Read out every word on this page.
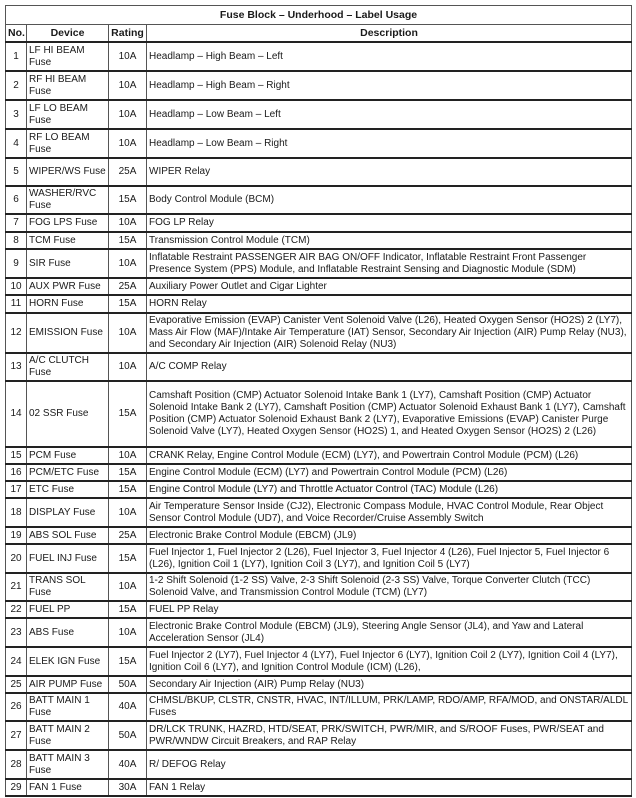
Fuse Block – Underhood – Label Usage			
No.	Device	Rating	Description
1	LF HI BEAM Fuse	10A	Headlamp – High Beam – Left
2	RF HI BEAM Fuse	10A	Headlamp – High Beam – Right
3	LF LO BEAM Fuse	10A	Headlamp – Low Beam – Left
4	RF LO BEAM Fuse	10A	Headlamp – Low Beam – Right
5	WIPER/WS Fuse	25A	WIPER Relay
6	WASHER/RVC Fuse	15A	Body Control Module (BCM)
7	FOG LPS Fuse	10A	FOG LP Relay
8	TCM Fuse	15A	Transmission Control Module (TCM)
9	SIR Fuse	10A	Inflatable Restraint PASSENGER AIR BAG ON/OFF Indicator, Inflatable Restraint Front Passenger Presence System (PPS) Module, and Inflatable Restraint Sensing and Diagnostic Module (SDM)
10	AUX PWR Fuse	25A	Auxiliary Power Outlet and Cigar Lighter
11	HORN Fuse	15A	HORN Relay
12	EMISSION Fuse	10A	Evaporative Emission (EVAP) Canister Vent Solenoid Valve (L26), Heated Oxygen Sensor (HO2S) 2 (LY7), Mass Air Flow (MAF)/Intake Air Temperature (IAT) Sensor, Secondary Air Injection (AIR) Pump Relay (NU3), and Secondary Air Injection (AIR) Solenoid Relay (NU3)
13	A/C CLUTCH Fuse	10A	A/C COMP Relay
14	02 SSR Fuse	15A	Camshaft Position (CMP) Actuator Solenoid Intake Bank 1 (LY7), Camshaft Position (CMP) Actuator Solenoid Intake Bank 2 (LY7), Camshaft Position (CMP) Actuator Solenoid Exhaust Bank 1 (LY7), Camshaft Position (CMP) Actuator Solenoid Exhaust Bank 2 (LY7), Evaporative Emissions (EVAP) Canister Purge Solenoid Valve (LY7), Heated Oxygen Sensor (HO2S) 1, and Heated Oxygen Sensor (HO2S) 2 (L26)
15	PCM Fuse	10A	CRANK Relay, Engine Control Module (ECM) (LY7), and Powertrain Control Module (PCM) (L26)
16	PCM/ETC Fuse	15A	Engine Control Module (ECM) (LY7) and Powertrain Control Module (PCM) (L26)
17	ETC Fuse	15A	Engine Control Module (LY7) and Throttle Actuator Control (TAC) Module (L26)
18	DISPLAY Fuse	10A	Air Temperature Sensor Inside (CJ2), Electronic Compass Module, HVAC Control Module, Rear Object Sensor Control Module (UD7), and Voice Recorder/Cruise Assembly Switch
19	ABS SOL Fuse	25A	Electronic Brake Control Module (EBCM) (JL9)
20	FUEL INJ Fuse	15A	Fuel Injector 1, Fuel Injector 2 (L26), Fuel Injector 3, Fuel Injector 4 (L26), Fuel Injector 5, Fuel Injector 6 (L26), Ignition Coil 1 (LY7), Ignition Coil 3 (LY7), and Ignition Coil 5 (LY7)
21	TRANS SOL Fuse	10A	1-2 Shift Solenoid (1-2 SS) Valve, 2-3 Shift Solenoid (2-3 SS) Valve, Torque Converter Clutch (TCC) Solenoid Valve, and Transmission Control Module (TCM) (LY7)
22	FUEL PP	15A	FUEL PP Relay
23	ABS Fuse	10A	Electronic Brake Control Module (EBCM) (JL9), Steering Angle Sensor (JL4), and Yaw and Lateral Acceleration Sensor (JL4)
24	ELEK IGN Fuse	15A	Fuel Injector 2 (LY7), Fuel Injector 4 (LY7), Fuel Injector 6 (LY7), Ignition Coil 2 (LY7), Ignition Coil 4 (LY7), Ignition Coil 6 (LY7), and Ignition Control Module (ICM) (L26),
25	AIR PUMP Fuse	50A	Secondary Air Injection (AIR) Pump Relay (NU3)
26	BATT MAIN 1 Fuse	40A	CHMSL/BKUP, CLSTR, CNSTR, HVAC, INT/ILLUM, PRK/LAMP, RDO/AMP, RFA/MOD, and ONSTAR/ALDL Fuses
27	BATT MAIN 2 Fuse	50A	DR/LCK TRUNK, HAZRD, HTD/SEAT, PRK/SWITCH, PWR/MIR, and S/ROOF Fuses, PWR/SEAT and PWR/WNDW Circuit Breakers, and RAP Relay
28	BATT MAIN 3 Fuse	40A	R/ DEFOG Relay
29	FAN 1 Fuse	30A	FAN 1 Relay
